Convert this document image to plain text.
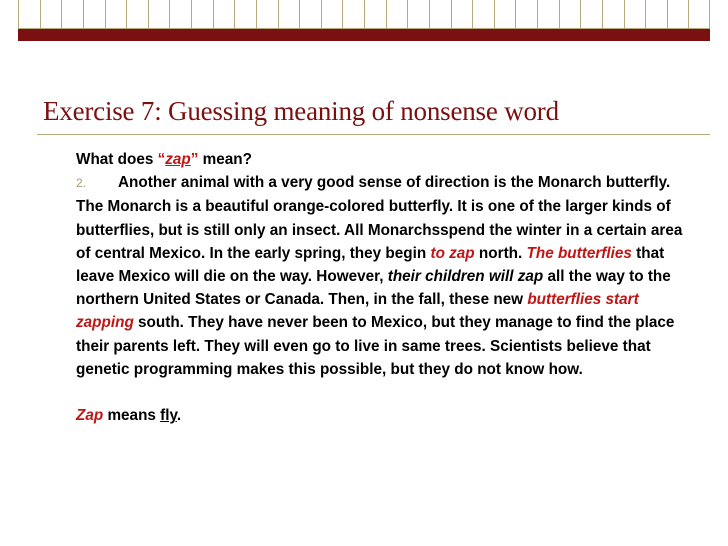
Exercise 7: Guessing meaning of nonsense word

What does “zap” mean?

2. Another animal with a very good sense of direction is the Monarch butterfly. The Monarch is a beautiful orange-colored butterfly. It is one of the larger kinds of butterflies, but is still only an insect. All Monarchsspend the winter in a certain area of central Mexico. In the early spring, they begin to zap north. The butterflies that leave Mexico will die on the way. However, their children will zap all the way to the northern United States or Canada. Then, in the fall, these new butterflies start zapping south. They have never been to Mexico, but they manage to find the place their parents left. They will even go to live in same trees. Scientists believe that genetic programming makes this possible, but they do not know how.

Zap means fly.
